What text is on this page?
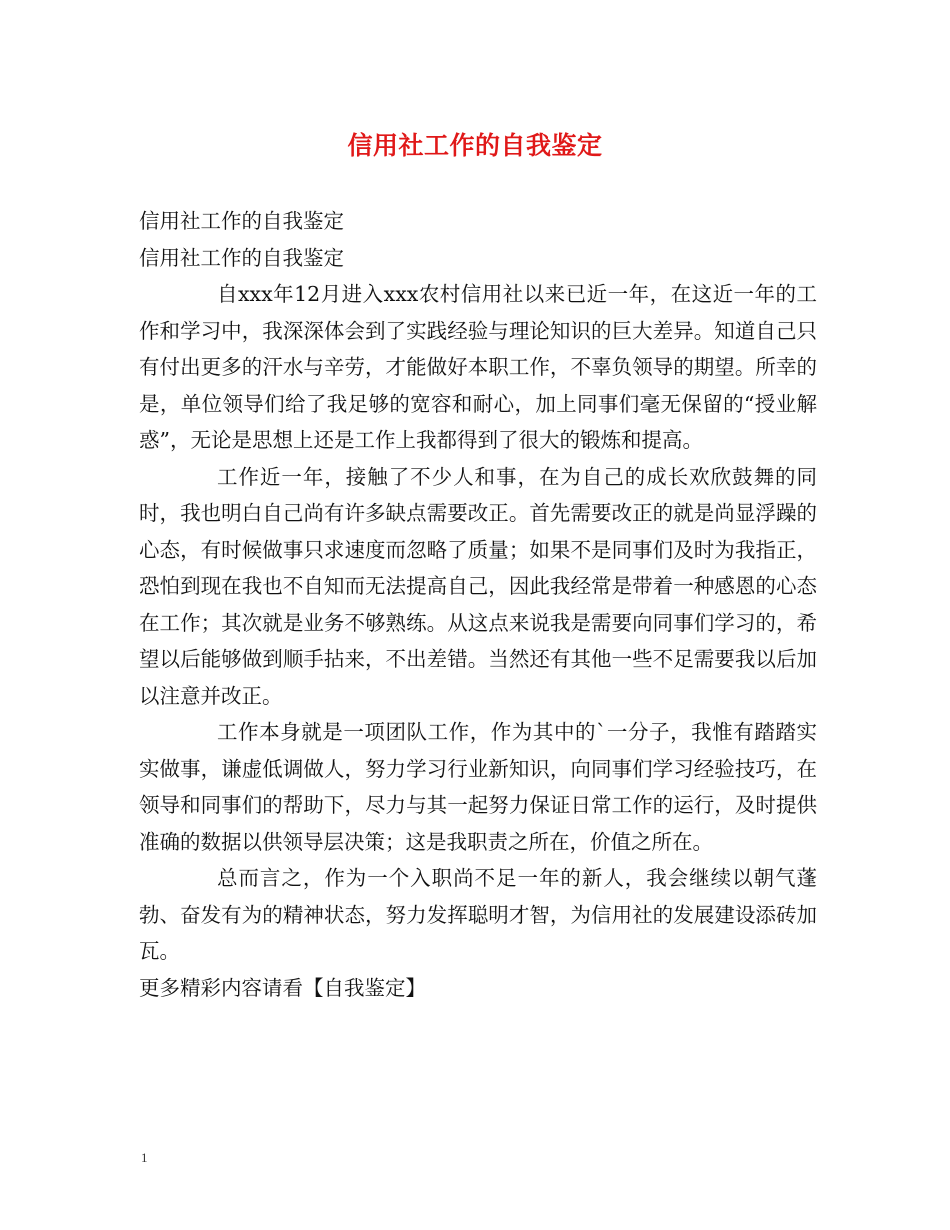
信用社工作的自我鉴定

信用社工作的自我鉴定

信用社工作的自我鉴定

自xxx年12月进入xxx农村信用社以来已近一年，在这近一年的工作和学习中，我深深体会到了实践经验与理论知识的巨大差异。知道自己只有付出更多的汗水与辛劳，才能做好本职工作，不辜负领导的期望。所幸的是，单位领导们给了我足够的宽容和耐心，加上同事们毫无保留的“授业解惑”，无论是思想上还是工作上我都得到了很大的锻炼和提高。

工作近一年，接触了不少人和事，在为自己的成长欢欣鼓舞的同时，我也明白自己尚有许多缺点需要改正。首先需要改正的就是尚显浮躁的心态，有时候做事只求速度而忽略了质量；如果不是同事们及时为我指正，恐怕到现在我也不自知而无法提高自己，因此我经常是带着一种感恩的心态在工作；其次就是业务不够熟练。从这点来说我是需要向同事们学习的，希望以后能够做到顺手拈来，不出差错。当然还有其他一些不足需要我以后加以注意并改正。

工作本身就是一项团队工作，作为其中的`一分子，我惟有踏踏实实做事，谦虚低调做人，努力学习行业新知识，向同事们学习经验技巧，在领导和同事们的帮助下，尽力与其一起努力保证日常工作的运行，及时提供准确的数据以供领导层决策；这是我职责之所在，价值之所在。

总而言之，作为一个入职尚不足一年的新人，我会继续以朝气蓬勃、奋发有为的精神状态，努力发挥聪明才智，为信用社的发展建设添砖加瓦。

更多精彩内容请看【自我鉴定】

1
